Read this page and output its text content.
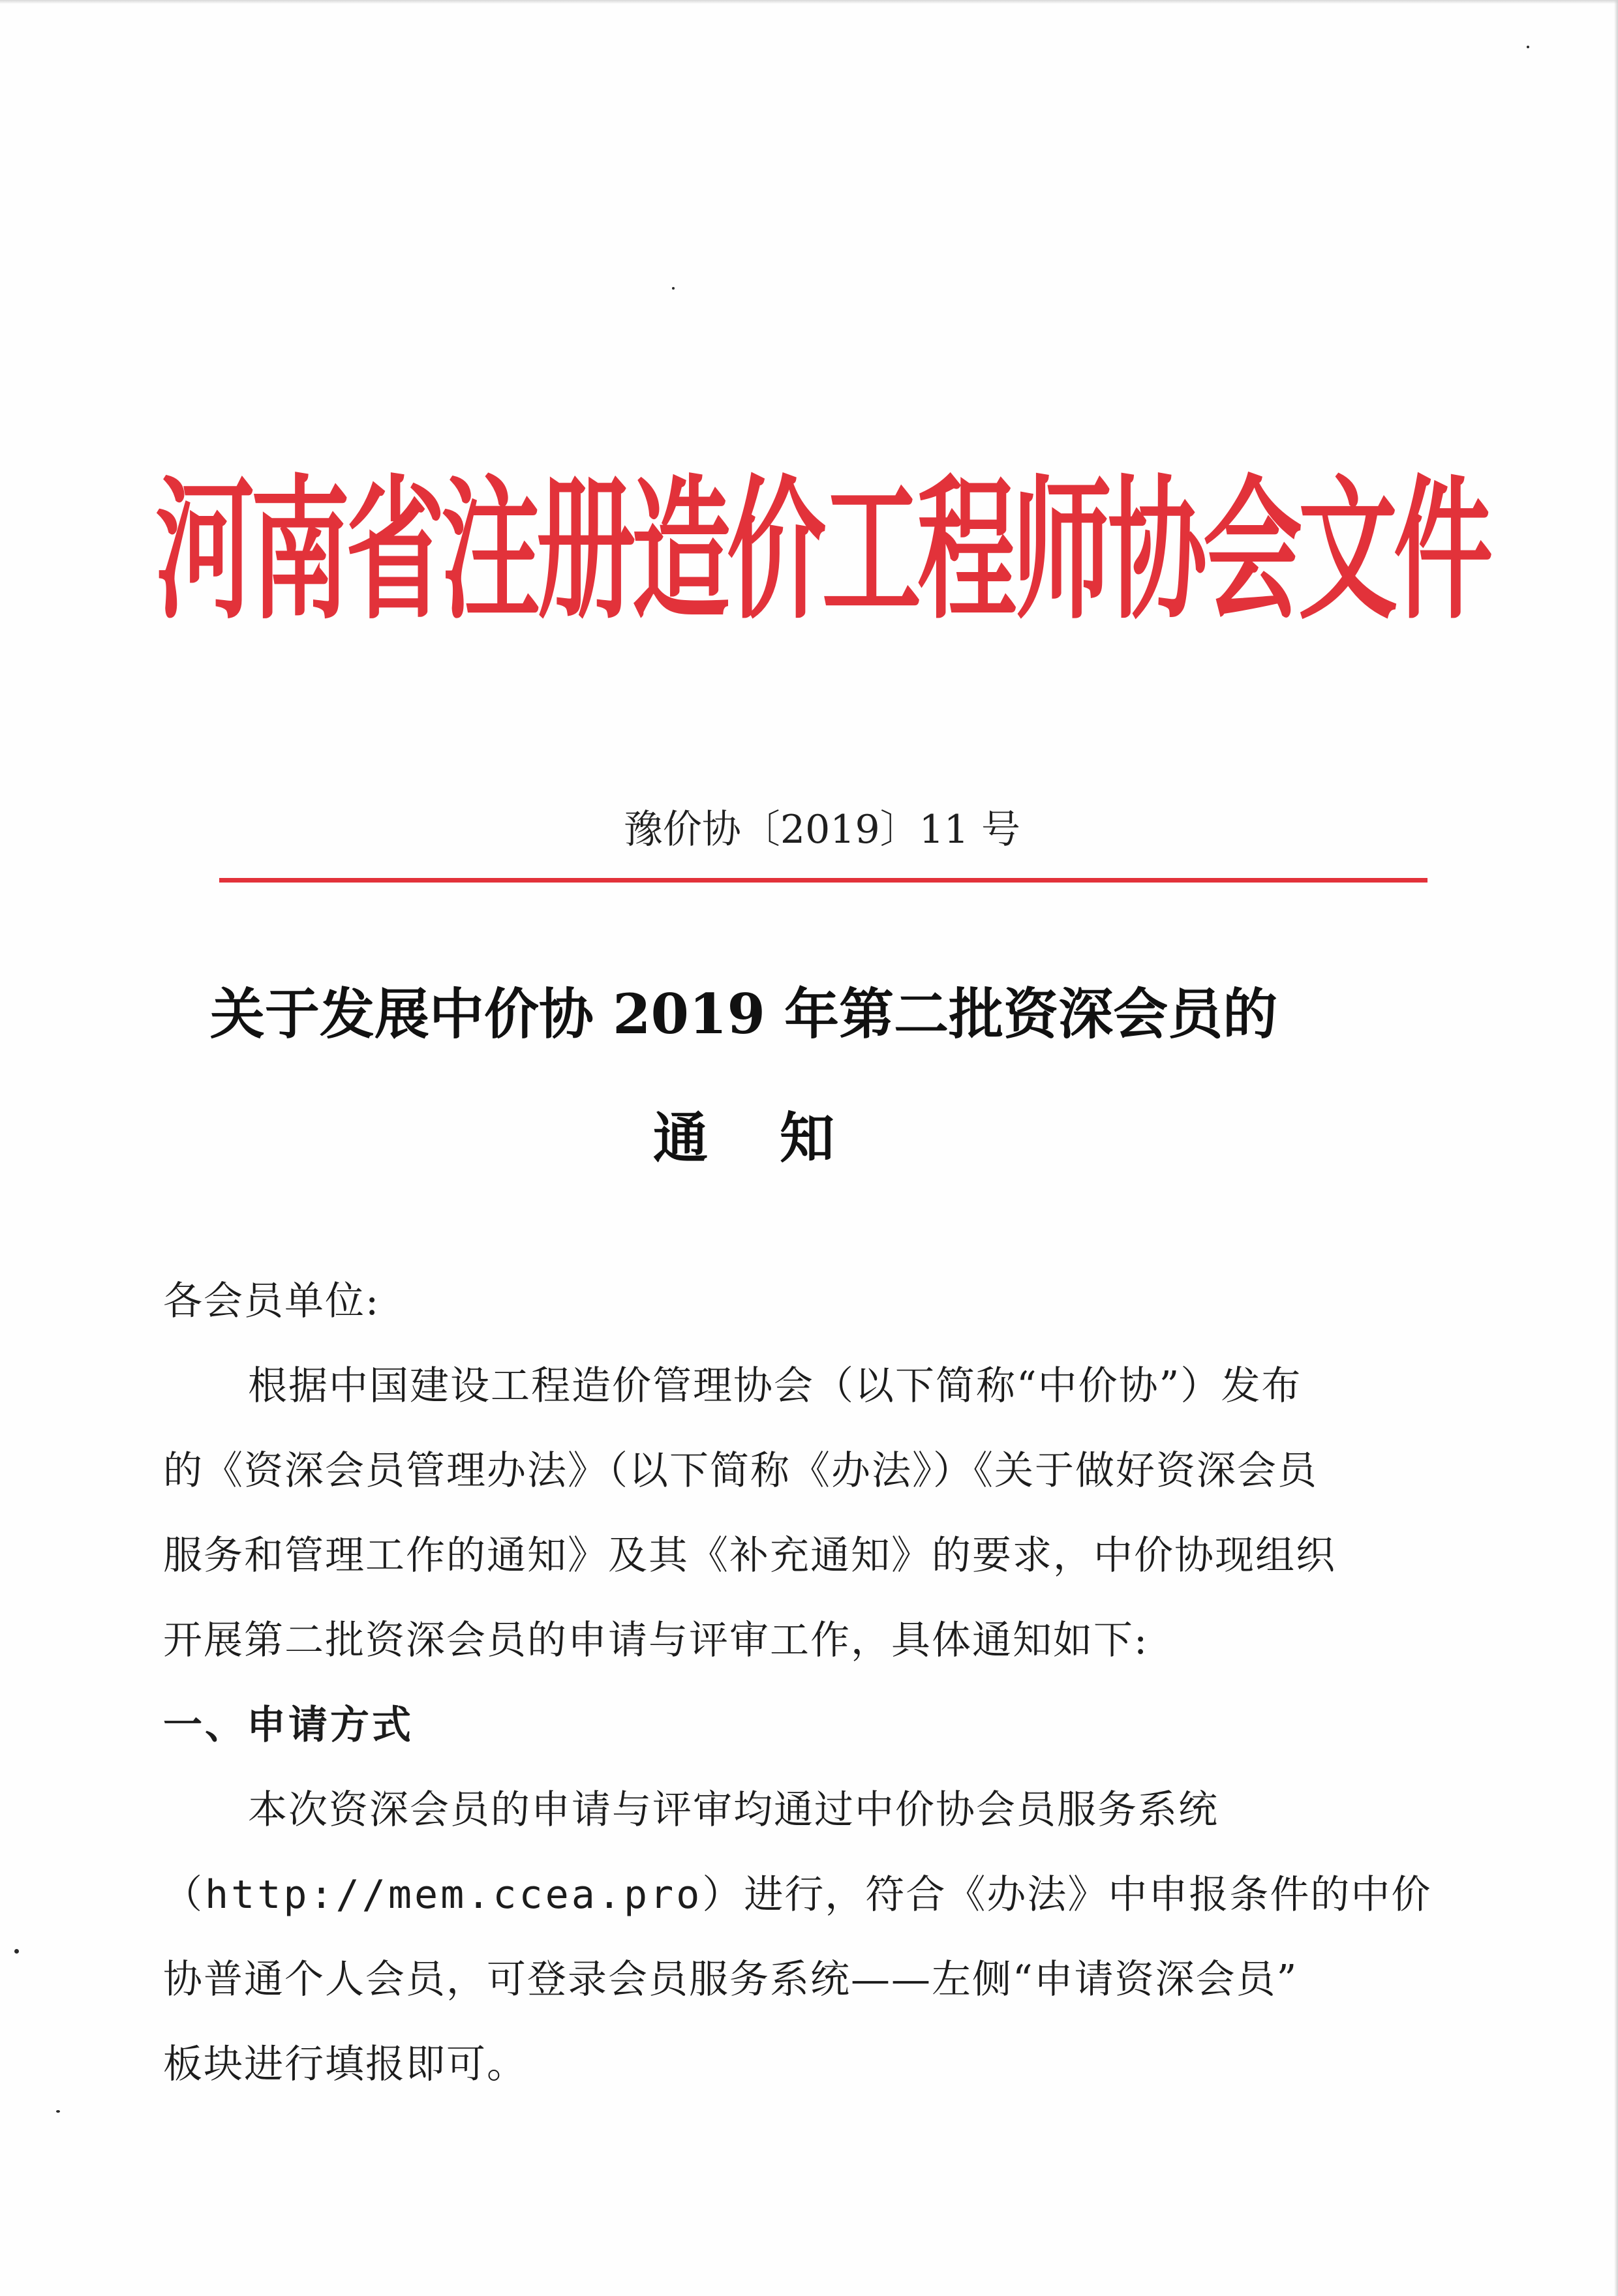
河南省注册造价工程师协会文件
豫价协〔2019〕11 号
关于发展中价协 2019 年第二批资深会员的
通知
各会员单位:
根据中国建设工程造价管理协会（以下简称“中价协”）发布
的《资深会员管理办法》（以下简称《办法》）《关于做好资深会员
服务和管理工作的通知》及其《补充通知》的要求，中价协现组织
开展第二批资深会员的申请与评审工作，具体通知如下:
一、申请方式
本次资深会员的申请与评审均通过中价协会员服务系统
（http://mem.ccea.pro）进行，符合《办法》中申报条件的中价
协普通个人会员，可登录会员服务系统——左侧“申请资深会员”
板块进行填报即可。
